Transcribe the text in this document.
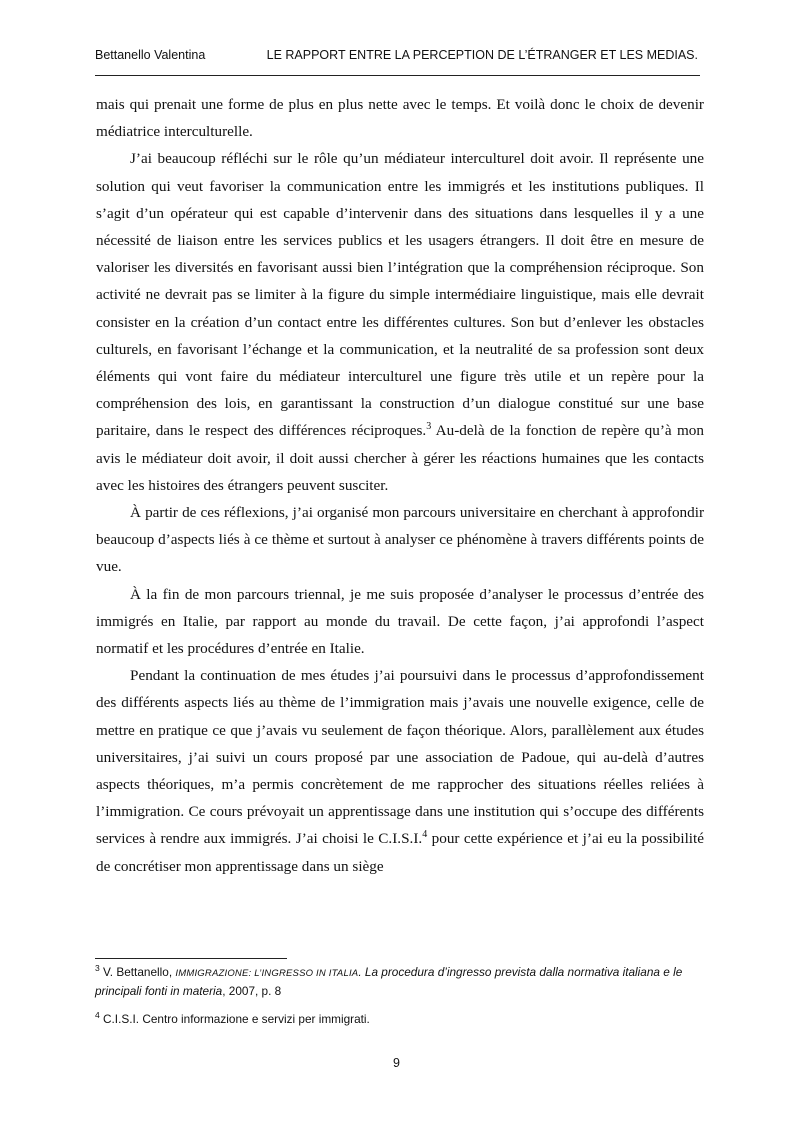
Bettanello Valentina	LE RAPPORT ENTRE LA PERCEPTION DE L’ÉTRANGER ET LES MEDIAS.

mais qui prenait une forme de plus en plus nette avec le temps. Et voilà donc le choix de devenir médiatrice interculturelle.

J’ai beaucoup réfléchi sur le rôle qu’un médiateur interculturel doit avoir. Il représente une solution qui veut favoriser la communication entre les immigrés et les institutions publiques. Il s’agit d’un opérateur qui est capable d’intervenir dans des situations dans lesquelles il y a une nécessité de liaison entre les services publics et les usagers étrangers. Il doit être en mesure de valoriser les diversités en favorisant aussi bien l’intégration que la compréhension réciproque. Son activité ne devrait pas se limiter à la figure du simple intermédiaire linguistique, mais elle devrait consister en la création d’un contact entre les différentes cultures. Son but d’enlever les obstacles culturels, en favorisant l’échange et la communication, et la neutralité de sa profession sont deux éléments qui vont faire du médiateur interculturel une figure très utile et un repère pour la compréhension des lois, en garantissant la construction d’un dialogue constitué sur une base paritaire, dans le respect des différences réciproques.$^3$ Au-delà de la fonction de repère qu’à mon avis le médiateur doit avoir, il doit aussi chercher à gérer les réactions humaines que les contacts avec les histoires des étrangers peuvent susciter.

À partir de ces réflexions, j’ai organisé mon parcours universitaire en cherchant à approfondir beaucoup d’aspects liés à ce thème et surtout à analyser ce phénomène à travers différents points de vue.

À la fin de mon parcours triennal, je me suis proposée d’analyser le processus d’entrée des immigrés en Italie, par rapport au monde du travail. De cette façon, j’ai approfondi l’aspect normatif et les procédures d’entrée en Italie.

Pendant la continuation de mes études j’ai poursuivi dans le processus d’approfondissement des différents aspects liés au thème de l’immigration mais j’avais une nouvelle exigence, celle de mettre en pratique ce que j’avais vu seulement de façon théorique. Alors, parallèlement aux études universitaires, j’ai suivi un cours proposé par une association de Padoue, qui au-delà d’autres aspects théoriques, m’a permis concrètement de me rapprocher des situations réelles reliées à l’immigration. Ce cours prévoyait un apprentissage dans une institution qui s’occupe des différents services à rendre aux immigrés. J’ai choisi le C.I.S.I.$^4$ pour cette expérience et j’ai eu la possibilité de concrétiser mon apprentissage dans un siège

$^3$ V. Bettanello, IMMIGRAZIONE: L’INGRESSO IN ITALIA. La procedura d’ingresso prevista dalla normativa italiana e le principali fonti in materia, 2007, p. 8

$^4$ C.I.S.I. Centro informazione e servizi per immigrati.

9
